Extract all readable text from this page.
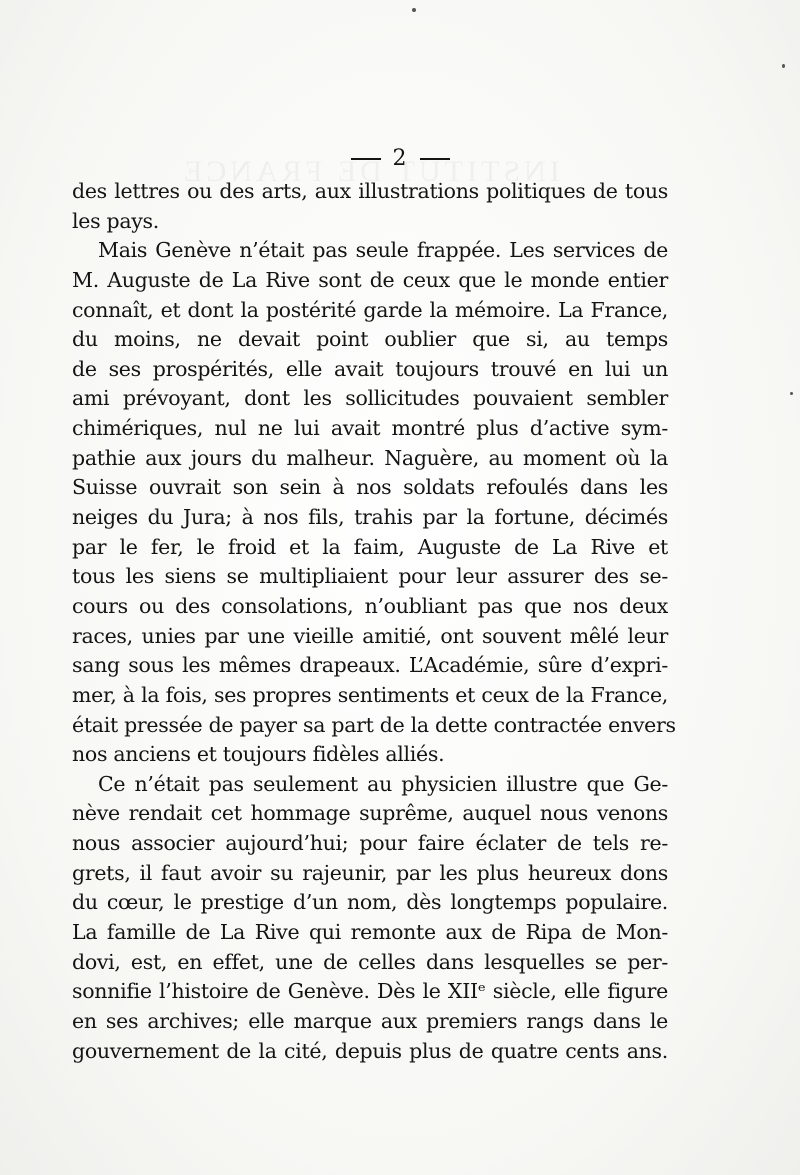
2
des lettres ou des arts, aux illustrations politiques de tous
les pays.
Mais Genève n’était pas seule frappée. Les services de
M. Auguste de La Rive sont de ceux que le monde entier
connaît, et dont la postérité garde la mémoire. La France,
du moins, ne devait point oublier que si, au temps
de ses prospérités, elle avait toujours trouvé en lui un
ami prévoyant, dont les sollicitudes pouvaient sembler
chimériques, nul ne lui avait montré plus d’active sym-
pathie aux jours du malheur. Naguère, au moment où la
Suisse ouvrait son sein à nos soldats refoulés dans les
neiges du Jura; à nos fils, trahis par la fortune, décimés
par le fer, le froid et la faim, Auguste de La Rive et
tous les siens se multipliaient pour leur assurer des se-
cours ou des consolations, n’oubliant pas que nos deux
races, unies par une vieille amitié, ont souvent mêlé leur
sang sous les mêmes drapeaux. L’Académie, sûre d’expri-
mer, à la fois, ses propres sentiments et ceux de la France,
était pressée de payer sa part de la dette contractée envers
nos anciens et toujours fidèles alliés.
Ce n’était pas seulement au physicien illustre que Ge-
nève rendait cet hommage suprême, auquel nous venons
nous associer aujourd’hui; pour faire éclater de tels re-
grets, il faut avoir su rajeunir, par les plus heureux dons
du cœur, le prestige d’un nom, dès longtemps populaire.
La famille de La Rive qui remonte aux de Ripa de Mon-
dovi, est, en effet, une de celles dans lesquelles se per-
sonnifie l’histoire de Genève. Dès le XIIᵉ siècle, elle figure
en ses archives; elle marque aux premiers rangs dans le
gouvernement de la cité, depuis plus de quatre cents ans.
